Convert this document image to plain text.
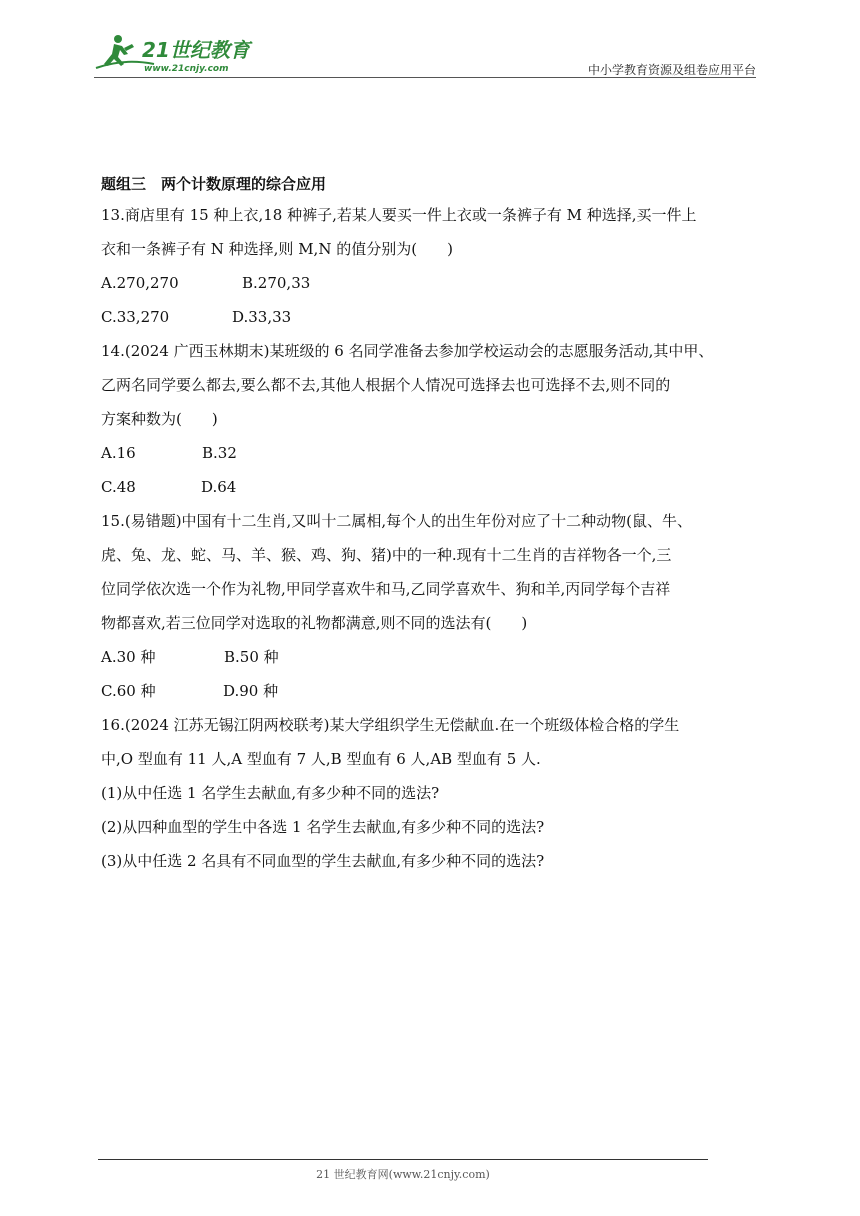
21世纪教育
www.21cnjy.com	中小学教育资源及组卷应用平台

题组三　两个计数原理的综合应用

13.商店里有 15 种上衣,18 种裤子,若某人要买一件上衣或一条裤子有 M 种选择,买一件上

衣和一条裤子有 N 种选择,则 M,N 的值分别为(　　)

A.270,270	B.270,33

C.33,270	D.33,33

14.(2024 广西玉林期末)某班级的 6 名同学准备去参加学校运动会的志愿服务活动,其中甲、

乙两名同学要么都去,要么都不去,其他人根据个人情况可选择去也可选择不去,则不同的

方案种数为(　　)

A.16	B.32

C.48	D.64

15.(易错题)中国有十二生肖,又叫十二属相,每个人的出生年份对应了十二种动物(鼠、牛、

虎、兔、龙、蛇、马、羊、猴、鸡、狗、猪)中的一种.现有十二生肖的吉祥物各一个,三

位同学依次选一个作为礼物,甲同学喜欢牛和马,乙同学喜欢牛、狗和羊,丙同学每个吉祥

物都喜欢,若三位同学对选取的礼物都满意,则不同的选法有(　　)

A.30 种	B.50 种

C.60 种	D.90 种

16.(2024 江苏无锡江阴两校联考)某大学组织学生无偿献血.在一个班级体检合格的学生

中,O 型血有 11 人,A 型血有 7 人,B 型血有 6 人,AB 型血有 5 人.

(1)从中任选 1 名学生去献血,有多少种不同的选法?

(2)从四种血型的学生中各选 1 名学生去献血,有多少种不同的选法?

(3)从中任选 2 名具有不同血型的学生去献血,有多少种不同的选法?

21 世纪教育网(www.21cnjy.com)
